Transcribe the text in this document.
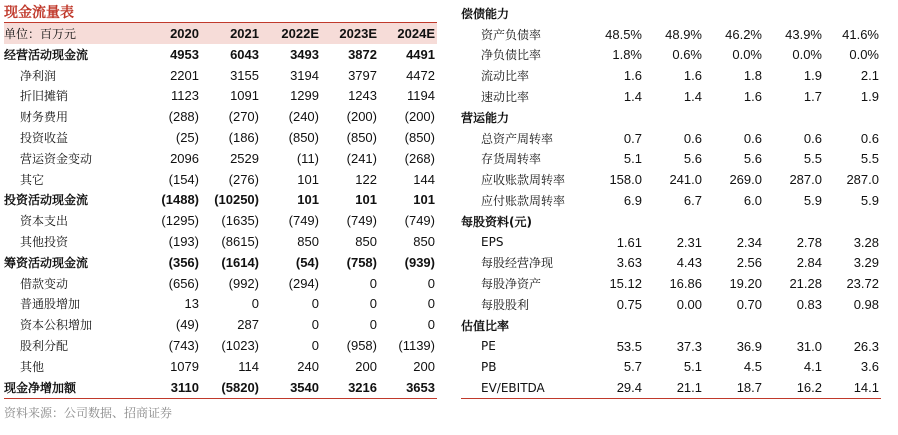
现金流量表
单位：百万元	2020	2021	2022E	2023E	2024E
经营活动现金流	4953	6043	3493	3872	4491
净利润	2201	3155	3194	3797	4472
折旧摊销	1123	1091	1299	1243	1194
财务费用	(288)	(270)	(240)	(200)	(200)
投资收益	(25)	(186)	(850)	(850)	(850)
营运资金变动	2096	2529	(11)	(241)	(268)
其它	(154)	(276)	101	122	144
投资活动现金流	(1488)	(10250)	101	101	101
资本支出	(1295)	(1635)	(749)	(749)	(749)
其他投资	(193)	(8615)	850	850	850
筹资活动现金流	(356)	(1614)	(54)	(758)	(939)
借款变动	(656)	(992)	(294)	0	0
普通股增加	13	0	0	0	0
资本公积增加	(49)	287	0	0	0
股利分配	(743)	(1023)	0	(958)	(1139)
其他	1079	114	240	200	200
现金净增加额	3110	(5820)	3540	3216	3653
偿债能力					
资产负债率	48.5%	48.9%	46.2%	43.9%	41.6%
净负债比率	1.8%	0.6%	0.0%	0.0%	0.0%
流动比率	1.6	1.6	1.8	1.9	2.1
速动比率	1.4	1.4	1.6	1.7	1.9
营运能力					
总资产周转率	0.7	0.6	0.6	0.6	0.6
存货周转率	5.1	5.6	5.6	5.5	5.5
应收账款周转率	158.0	241.0	269.0	287.0	287.0
应付账款周转率	6.9	6.7	6.0	5.9	5.9
每股资料(元)					
EPS	1.61	2.31	2.34	2.78	3.28
每股经营净现	3.63	4.43	2.56	2.84	3.29
每股净资产	15.12	16.86	19.20	21.28	23.72
每股股利	0.75	0.00	0.70	0.83	0.98
估值比率					
PE	53.5	37.3	36.9	31.0	26.3
PB	5.7	5.1	4.5	4.1	3.6
EV/EBITDA	29.4	21.1	18.7	16.2	14.1
资料来源：公司数据、招商证券
